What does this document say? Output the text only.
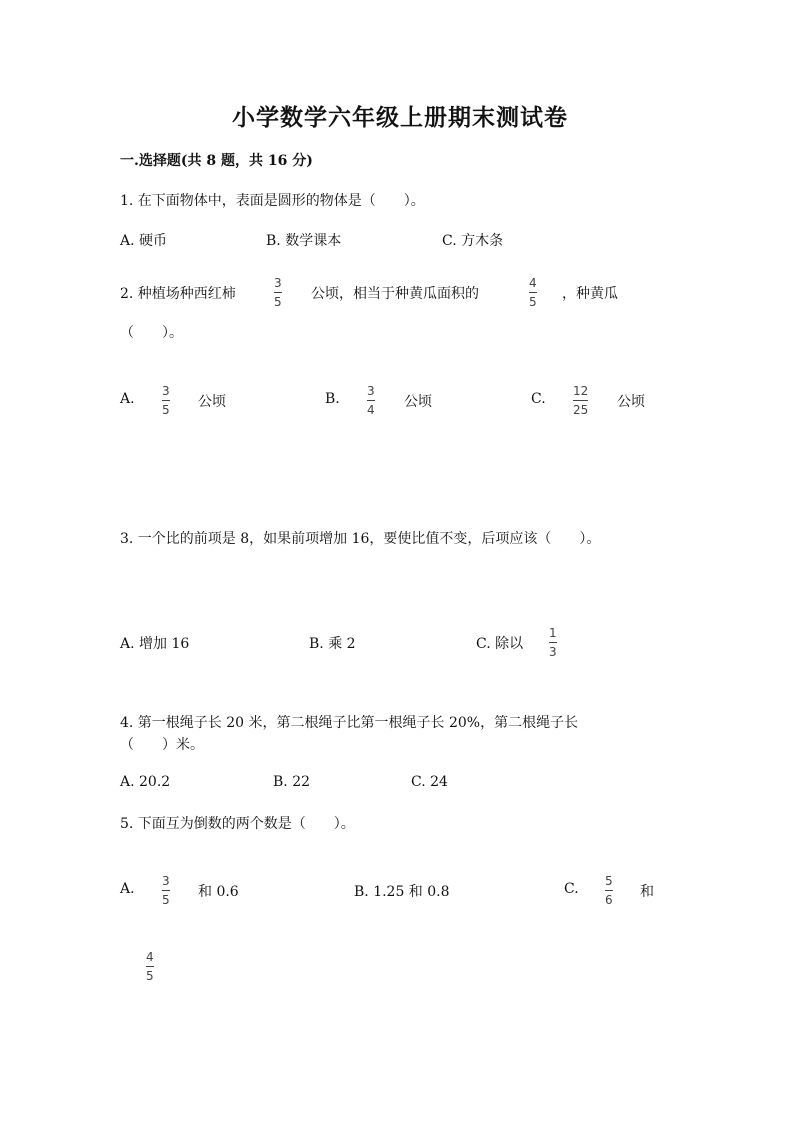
小学数学六年级上册期末测试卷
一.选择题(共 8 题，共 16 分)
1. 在下面物体中，表面是圆形的物体是（　　）。
A. 硬币	B. 数学课本	C. 方木条
2. 种植场种西红柿	$\frac{3}{5}$ 公顷，相当于种黄瓜面积的	$\frac{4}{5}$ ，种黄瓜
（　　）。
A. $\frac{3}{5}$ 公顷	B. $\frac{3}{4}$ 公顷	C. $\frac{12}{25}$ 公顷
3. 一个比的前项是 8，如果前项增加 16，要使比值不变，后项应该（　　）。
A. 增加 16	B. 乘 2	C. 除以 $\frac{1}{3}$
4. 第一根绳子长 20 米，第二根绳子比第一根绳子长 20%，第二根绳子长
（　　）米。
A. 20.2	B. 22	C. 24
5. 下面互为倒数的两个数是（　　）。
A. $\frac{3}{5}$ 和 0.6	B. 1.25 和 0.8	C. $\frac{5}{6}$ 和
$\frac{4}{5}$
